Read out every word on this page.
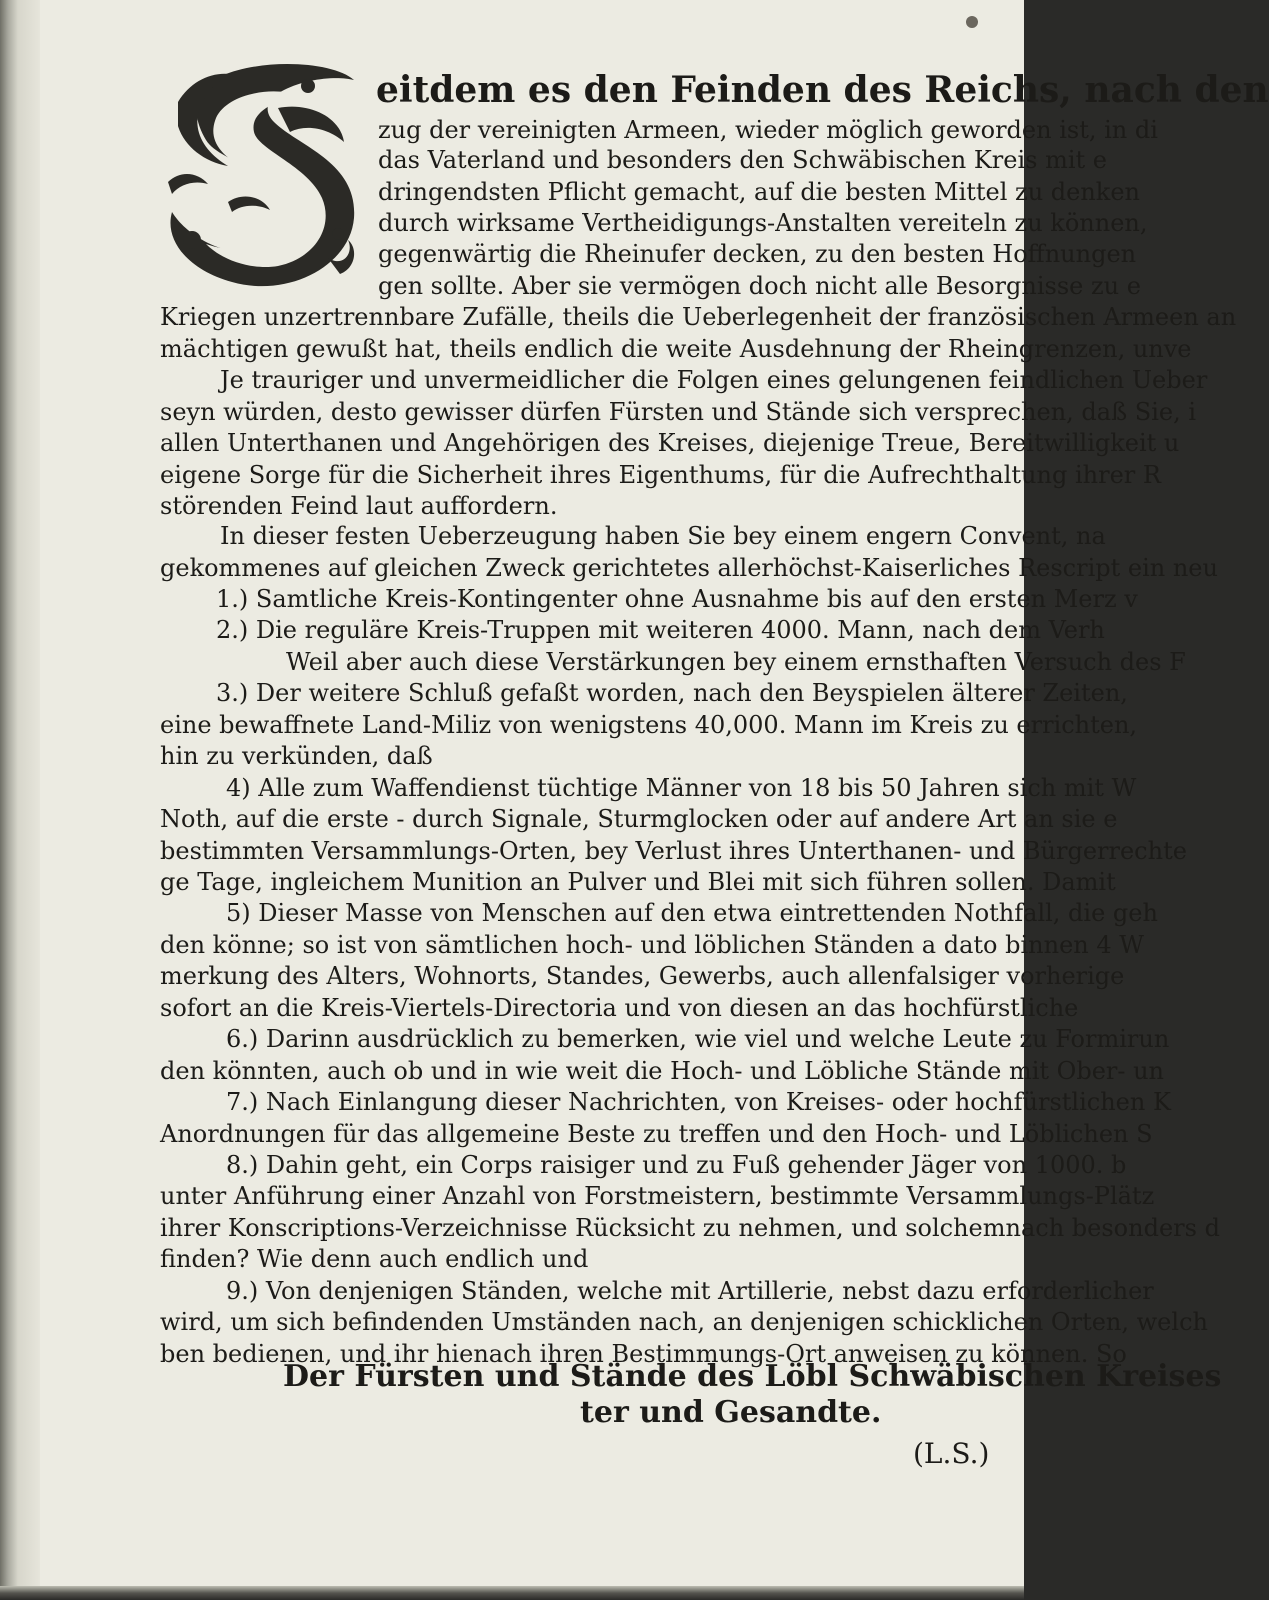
eitdem es den Feinden des Reichs, nach den
zug der vereinigten Armeen, wieder möglich geworden ist, in di
das Vaterland und besonders den Schwäbischen Kreis mit e
dringendsten Pflicht gemacht, auf die besten Mittel zu denken
durch wirksame Vertheidigungs-Anstalten vereiteln zu können,
gegenwärtig die Rheinufer decken, zu den besten Hoffnungen
gen sollte. Aber sie vermögen doch nicht alle Besorgnisse zu e
Kriegen unzertrennbare Zufälle, theils die Ueberlegenheit der französischen Armeen an
mächtigen gewußt hat, theils endlich die weite Ausdehnung der Rheingrenzen, unve
Je trauriger und unvermeidlicher die Folgen eines gelungenen feindlichen Ueber
seyn würden, desto gewisser dürfen Fürsten und Stände sich versprechen, daß Sie, i
allen Unterthanen und Angehörigen des Kreises, diejenige Treue, Bereitwilligkeit u
eigene Sorge für die Sicherheit ihres Eigenthums, für die Aufrechthaltung ihrer R
störenden Feind laut auffordern.
In dieser festen Ueberzeugung haben Sie bey einem engern Convent, na
gekommenes auf gleichen Zweck gerichtetes allerhöchst-Kaiserliches Rescript ein neu
1.) Samtliche Kreis-Kontingenter ohne Ausnahme bis auf den ersten Merz v
2.) Die reguläre Kreis-Truppen mit weiteren 4000. Mann, nach dem Verh
Weil aber auch diese Verstärkungen bey einem ernsthaften Versuch des F
3.) Der weitere Schluß gefaßt worden, nach den Beyspielen älterer Zeiten,
eine bewaffnete Land-Miliz von wenigstens 40,000. Mann im Kreis zu errichten,
hin zu verkünden, daß
4) Alle zum Waffendienst tüchtige Männer von 18 bis 50 Jahren sich mit W
Noth, auf die erste - durch Signale, Sturmglocken oder auf andere Art an sie e
bestimmten Versammlungs-Orten, bey Verlust ihres Unterthanen- und Bürgerrechte
ge Tage, ingleichem Munition an Pulver und Blei mit sich führen sollen. Damit
5) Dieser Masse von Menschen auf den etwa eintrettenden Nothfall, die geh
den könne; so ist von sämtlichen hoch- und löblichen Ständen a dato binnen 4 W
merkung des Alters, Wohnorts, Standes, Gewerbs, auch allenfalsiger vorherige
sofort an die Kreis-Viertels-Directoria und von diesen an das hochfürstliche
6.) Darinn ausdrücklich zu bemerken, wie viel und welche Leute zu Formirun
den könnten, auch ob und in wie weit die Hoch- und Löbliche Stände mit Ober- un
7.) Nach Einlangung dieser Nachrichten, von Kreises- oder hochfürstlichen K
Anordnungen für das allgemeine Beste zu treffen und den Hoch- und Löblichen S
8.) Dahin geht, ein Corps raisiger und zu Fuß gehender Jäger von 1000. b
unter Anführung einer Anzahl von Forstmeistern, bestimmte Versammlungs-Plätz
ihrer Konscriptions-Verzeichnisse Rücksicht zu nehmen, und solchemnach besonders d
finden? Wie denn auch endlich und
9.) Von denjenigen Ständen, welche mit Artillerie, nebst dazu erforderlicher
wird, um sich befindenden Umständen nach, an denjenigen schicklichen Orten, welch
ben bedienen, und ihr hienach ihren Bestimmungs-Ort anweisen zu können. So
Der Fürsten und Stände des Löbl Schwäbischen Kreises
ter und Gesandte.
(L.S.)
